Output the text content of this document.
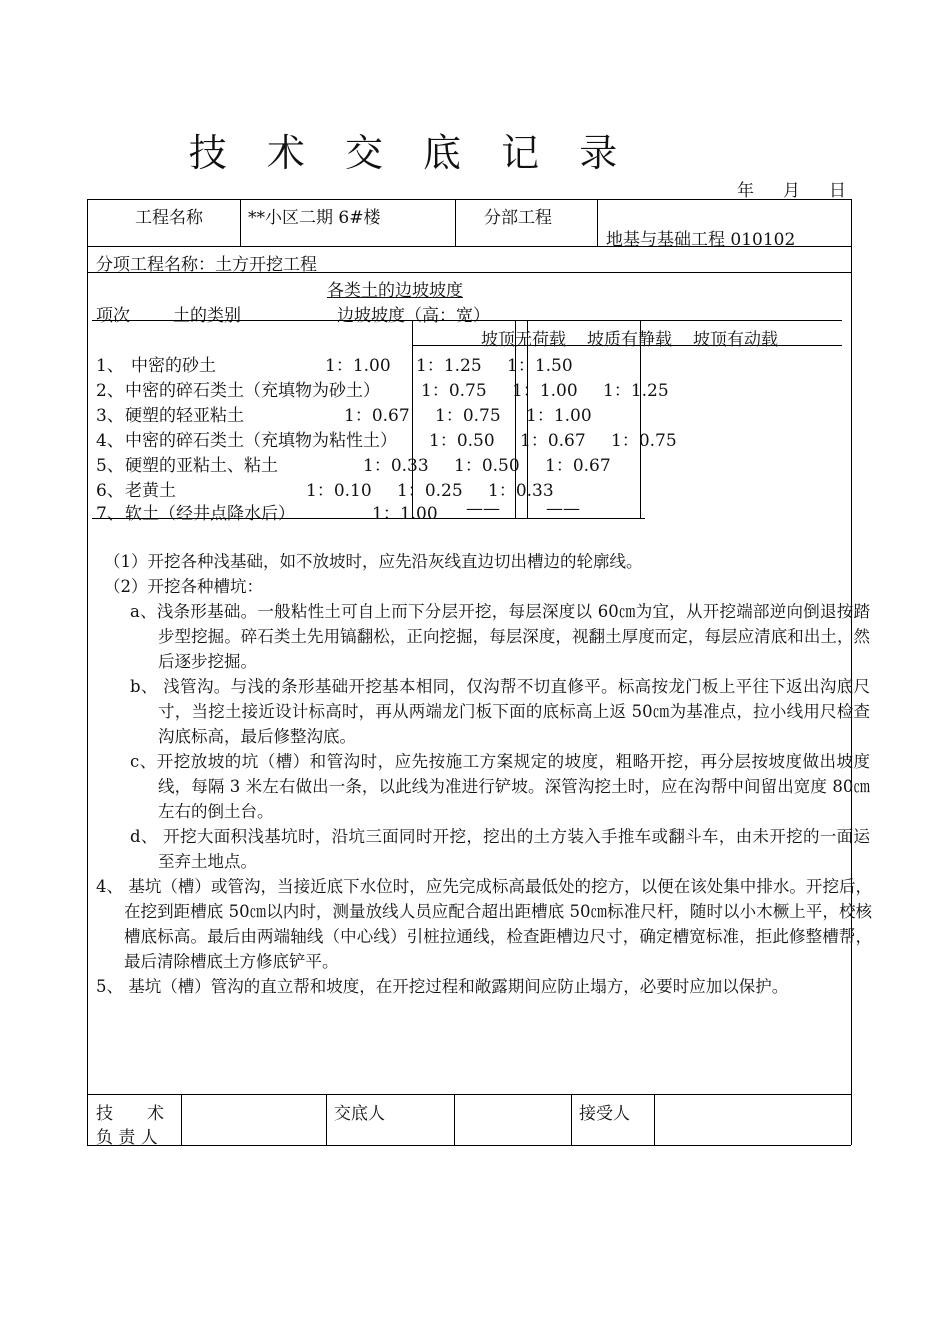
技 术 交 底 记 录
年 月 日
工程名称	**小区二期 6#楼	分部工程
地基与基础工程 010102
分项工程名称：土方开挖工程
各类土的边坡坡度
项次	土的类别	边坡坡度（高：宽）
坡顶无荷载 坡质有静载 坡顶有动载
1、 中密的砂土	1：1.00 1：1.25 1：1.50
2、 中密的碎石类土（充填物为砂土） 1：0.75 1：1.00 1：1.25
3、 硬塑的轻亚粘土	1：0.67 1：0.75 1：1.00
4、 中密的碎石类土（充填物为粘性土） 1：0.50 1：0.67 1：0.75
5、 硬塑的亚粘土、粘土	1：0.33 1：0.50 1：0.67
6、 老黄土	1：0.10 1：0.25 1：0.33
7、 软土（经井点降水后）	1：1.00 ——	——
（1）开挖各种浅基础，如不放坡时，应先沿灰线直边切出槽边的轮廓线。
（2）开挖各种槽坑：
a、浅条形基础。一般粘性土可自上而下分层开挖，每层深度以 60㎝为宜，从开挖端部逆向倒退按踏步型挖掘。碎石类土先用镐翻松，正向挖掘，每层深度，视翻土厚度而定，每层应清底和出土，然后逐步挖掘。
b、 浅管沟。与浅的条形基础开挖基本相同，仅沟帮不切直修平。标高按龙门板上平往下返出沟底尺寸，当挖土接近设计标高时，再从两端龙门板下面的底标高上返 50㎝为基准点，拉小线用尺检查沟底标高，最后修整沟底。
c、开挖放坡的坑（槽）和管沟时，应先按施工方案规定的坡度，粗略开挖，再分层按坡度做出坡度线，每隔 3 米左右做出一条，以此线为准进行铲坡。深管沟挖土时，应在沟帮中间留出宽度 80㎝左右的倒土台。
d、 开挖大面积浅基坑时，沿坑三面同时开挖，挖出的土方装入手推车或翻斗车，由未开挖的一面运至弃土地点。
4、 基坑（槽）或管沟，当接近底下水位时，应先完成标高最低处的挖方，以便在该处集中排水。开挖后，在挖到距槽底 50㎝以内时，测量放线人员应配合超出距槽底 50㎝标准尺杆，随时以小木橛上平，校核槽底标高。最后由两端轴线（中心线）引桩拉通线，检查距槽边尺寸，确定槽宽标准，拒此修整槽帮，最后清除槽底土方修底铲平。
5、 基坑（槽）管沟的直立帮和坡度，在开挖过程和敞露期间应防止塌方，必要时应加以保护。
技　　术
负 责 人
交底人	接受人
